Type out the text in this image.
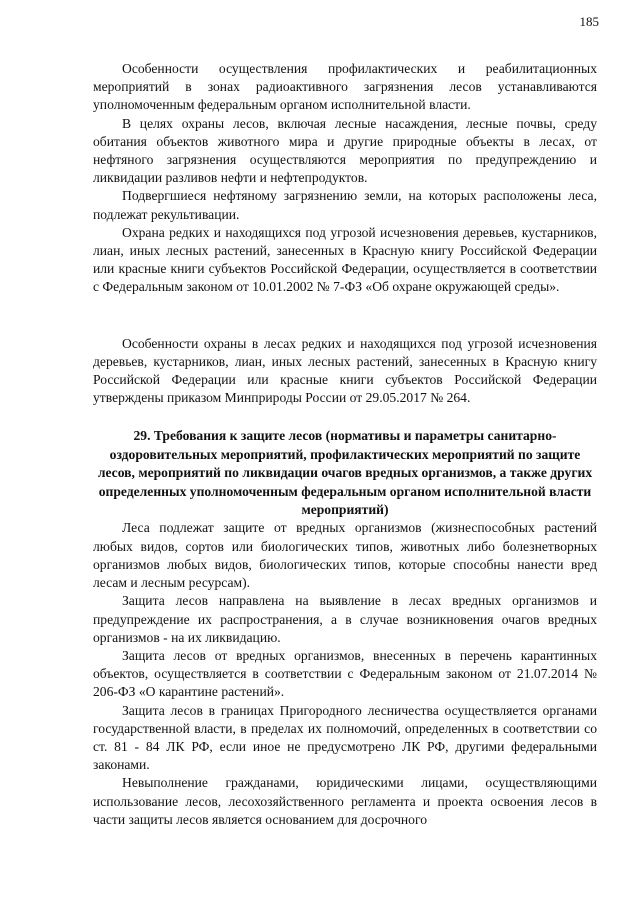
185

Особенности осуществления профилактических и реабилитационных мероприятий в зонах радиоактивного загрязнения лесов устанавливаются уполномоченным федеральным органом исполнительной власти.

В целях охраны лесов, включая лесные насаждения, лесные почвы, среду обитания объектов животного мира и другие природные объекты в лесах, от нефтяного загрязнения осуществляются мероприятия по предупреждению и ликвидации разливов нефти и нефтепродуктов.

Подвергшиеся нефтяному загрязнению земли, на которых расположены леса, подлежат рекультивации.

Охрана редких и находящихся под угрозой исчезновения деревьев, кустарников, лиан, иных лесных растений, занесенных в Красную книгу Российской Федерации или красные книги субъектов Российской Федерации, осуществляется в соответствии с Федеральным законом от 10.01.2002 № 7-ФЗ «Об охране окружающей среды».

Особенности охраны в лесах редких и находящихся под угрозой исчезновения деревьев, кустарников, лиан, иных лесных растений, занесенных в Красную книгу Российской Федерации или красные книги субъектов Российской Федерации утверждены приказом Минприроды России от 29.05.2017 № 264.

29. Требования к защите лесов (нормативы и параметры санитарно-оздоровительных мероприятий, профилактических мероприятий по защите лесов, мероприятий по ликвидации очагов вредных организмов, а также других определенных уполномоченным федеральным органом исполнительной власти мероприятий)

Леса подлежат защите от вредных организмов (жизнеспособных растений любых видов, сортов или биологических типов, животных либо болезнетворных организмов любых видов, биологических типов, которые способны нанести вред лесам и лесным ресурсам).

Защита лесов направлена на выявление в лесах вредных организмов и предупреждение их распространения, а в случае возникновения очагов вредных организмов - на их ликвидацию.

Защита лесов от вредных организмов, внесенных в перечень карантинных объектов, осуществляется в соответствии с Федеральным законом от 21.07.2014 № 206-ФЗ «О карантине растений».

Защита лесов в границах Пригородного лесничества осуществляется органами государственной власти, в пределах их полномочий, определенных в соответствии со ст. 81 - 84 ЛК РФ, если иное не предусмотрено ЛК РФ, другими федеральными законами.

Невыполнение гражданами, юридическими лицами, осуществляющими использование лесов, лесохозяйственного регламента и проекта освоения лесов в части защиты лесов является основанием для досрочного
